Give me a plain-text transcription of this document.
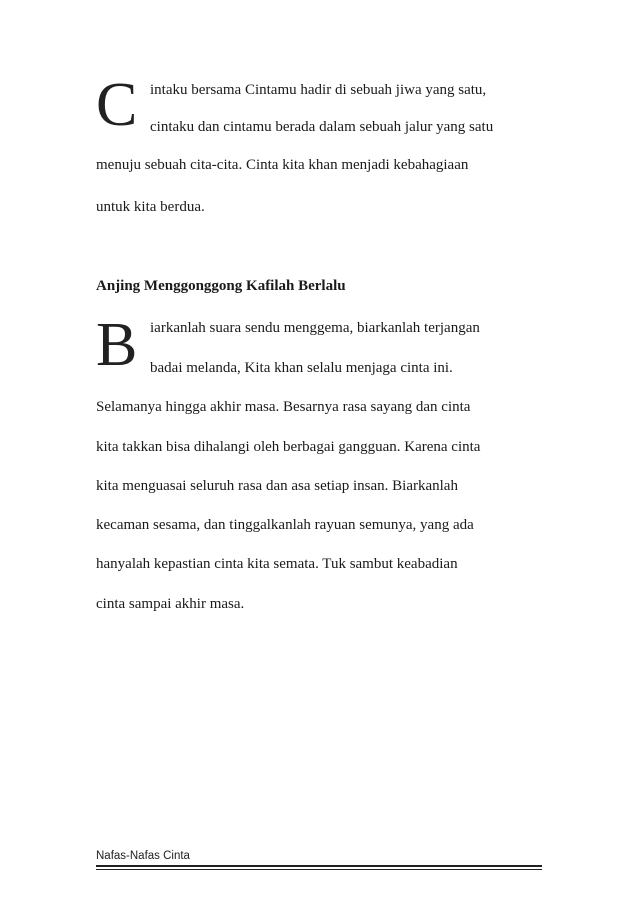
C intaku bersama Cintamu hadir di sebuah jiwa yang satu,
cintaku dan cintamu berada dalam sebuah jalur yang satu
menuju sebuah cita-cita. Cinta kita khan menjadi kebahagiaan
untuk kita berdua.
Anjing Menggonggong Kafilah Berlalu
B iarkanlah suara sendu menggema, biarkanlah terjangan
badai melanda, Kita khan selalu menjaga cinta ini.
Selamanya hingga akhir masa. Besarnya rasa sayang dan cinta
kita takkan bisa dihalangi oleh berbagai gangguan. Karena cinta
kita menguasai seluruh rasa dan asa setiap insan. Biarkanlah
kecaman sesama, dan tinggalkanlah rayuan semunya, yang ada
hanyalah kepastian cinta kita semata. Tuk sambut keabadian
cinta sampai akhir masa.
Nafas-Nafas Cinta
